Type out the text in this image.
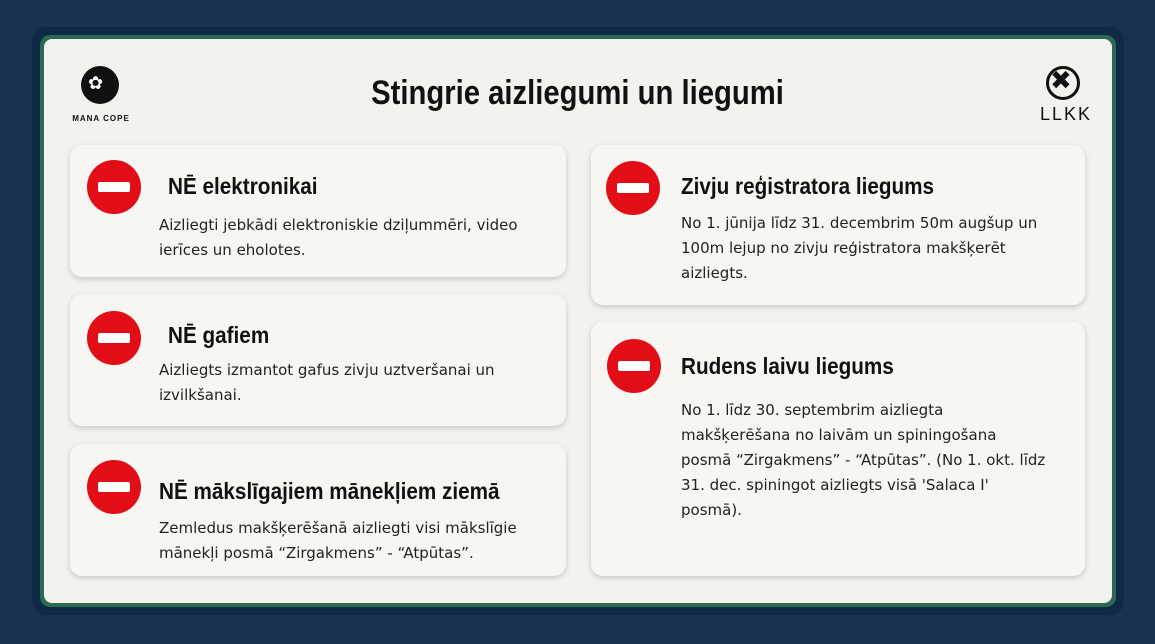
✿
MANA COPE
Stingrie aizliegumi un liegumi	✖
LLKK
NĒ elektronikai
Aizliegti jebkādi elektroniskie dziļummēri, video ierīces un eholotes.
NĒ gafiem
Aizliegts izmantot gafus zivju uztveršanai un izvilkšanai.
NĒ mākslīgajiem mānekļiem ziemā
Zemledus makšķerēšanā aizliegti visi mākslīgie mānekļi posmā “Zirgakmens” - “Atpūtas”.
Zivju reģistratora liegums
No 1. jūnija līdz 31. decembrim 50m augšup un 100m lejup no zivju reģistratora makšķerēt aizliegts.
Rudens laivu liegums
No 1. līdz 30. septembrim aizliegta makšķerēšana no laivām un spiningošana posmā “Zirgakmens” - “Atpūtas”. (No 1. okt. līdz 31. dec. spiningot aizliegts visā 'Salaca I' posmā).
